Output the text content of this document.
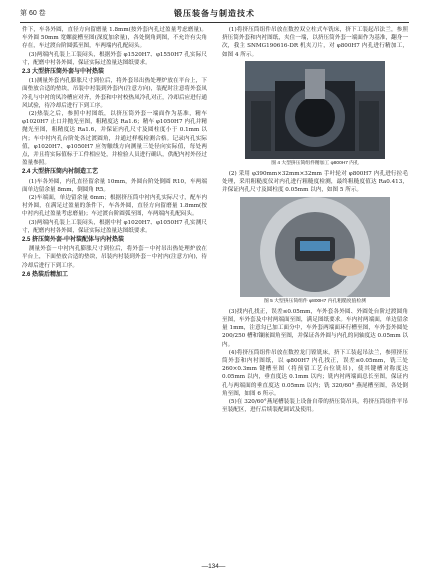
第 60 卷	锻压装备与制造技术

件下，车各外圆，直径方向留磨量 1.8mm(按外套内孔过盈量考虑磨量)。车外圆 50mm 宽螺旋槽至图(深度加余量)，各处倒角到图，不允许有尖角存在，车过渡台阶圆弧至图，车两端内孔配闷头。

(3)两端内孔装上工装闷头，根据外套 φ1520H7、φ1550H7 孔实际尺寸，配磨中衬各外圆，保证实际过盈量达图纸要求。

2.3 大型挤压筒外套与中衬热装

(1)测量外套内孔膨胀尺寸到位后，将外套吊出热处理炉放在平台上，下面垫放合适的垫块，吊装中衬装到外套内(注意方向)，装配时注意将外套凤冷孔与中衬的凤冷槽应对齐，外套和中衬校热凤冷孔对正，冷却后应进行通风试验，待冷却后进行下到工序。

(2)热装之后，参照中衬图纸，以挤压筒外套一端面作为基准，精车 φ1020H7 止口并抛光至图，粗精度达 Ra1.6；精车 φ1050H7 内孔并精抛光至图，粗精度达 Ra1.6，并保证内孔尺寸及圆柱度小于 0.1mm 以内；车中衬内孔台阶处各过渡圆角，并通过样板检测合格。记录内孔实际值，φ1020H7、φ1050H7 应勿触线方向测量三处径向实际值，每处两点，并且将实际值标于工件相应处，并检验人员进行确认，供配内衬外径过盈量参照。

2.4 大型挤压筒内衬制造工艺

(1)车各外圆，内孔直径留余量 10mm，外圆台阶处倒圆 R10，车两端面单边留余量 8mm，倒圆角 R5。

(2)车端面，单边留余量 6mm；根据挤压筒中衬内孔实际尺寸，配车内衬外圆，在满足过盈量的条件下，车各外圆，直径方向留磨量 1.8mm(按中衬内孔过盈量考虑磨量)；车过渡台阶圆弧至图，车两端内孔配闷头。

(3)两端内孔装上工装闷头，根据中衬 φ1020H7、φ1050H7 孔实测尺寸，配磨内衬各外圆，保证实际过盈量达图纸要求。

2.5 挤压筒外套-中衬装配体与内衬热装

测量外套－中衬内孔膨胀尺寸到位后，将外套－中衬吊出热处理炉放在平台上，下面垫放合适的垫块，吊装内衬装到外套－中衬内(注意方向)，待冷却后进行下到工序。

2.6 热装后精加工

(1)将挤压筒组件吊放在数控双立柱式车铣床，挤下工装起吊法兰，参照挤压筒外套和内衬图纸，夹住一端，以挤压筒外套一端面作为基准，翻身一次，我主 SNMG190616-DR 机夹刀片，对 φ800H7 内孔进行精加工，如图 4 所示。

图 4 大型挤压筒组件精加工 φ800H7 内孔

(2) 采用 φ390mm×32mm×32mm 手叶轮对 φ800H7 内孔进行拉毛处理，采用粗糙度仪对内孔进行粗糙度检测，最终粗糙度值达 Ra0.413，并保证内孔尺寸及圆柱度 0.05mm 以内，如图 5 所示。

图 5 大型挤压筒组件 φ800H7 内孔粗糙度值检测

(3)找内孔找正，误差≤0.05mm，车外套各外圆、外圆处台阶过渡圆角至图，车外套及中衬两端面至图，满足图纸要求。车内衬两端面，单边留余量 1mm，注意勾已加工面分中，车外套两端面环行槽至图，车外套外圆处 200/250 槽和镶嵌圆角至图，并保证各外圆与内孔的同轴度达 0.05mm 以内。

(4)将挤压筒组件吊放在数控龙门镗铣床，挤下工装起吊法兰，参照挤压筒外套和内衬图纸，以 φ800H7 内孔找正，误差≤0.05mm，铣三处 260×0.3mm 键槽至图（将预留工艺台位铣吊)，使其键槽对称度达 0.05mm 以内，垂直度达 0.1mm 以内；铣内衬两端面总长至图，保证内孔与两端面的垂直度达 0.05mm 以内；铣 320/60° 燕尾槽至图，各处倒角至图，如图 6 所示。

(5)在 320/60°燕尾槽装装上设备自带的挤压筒吊具，将挤压筒组件平吊至装配区，进行后续装配调试及使用。

—134—
